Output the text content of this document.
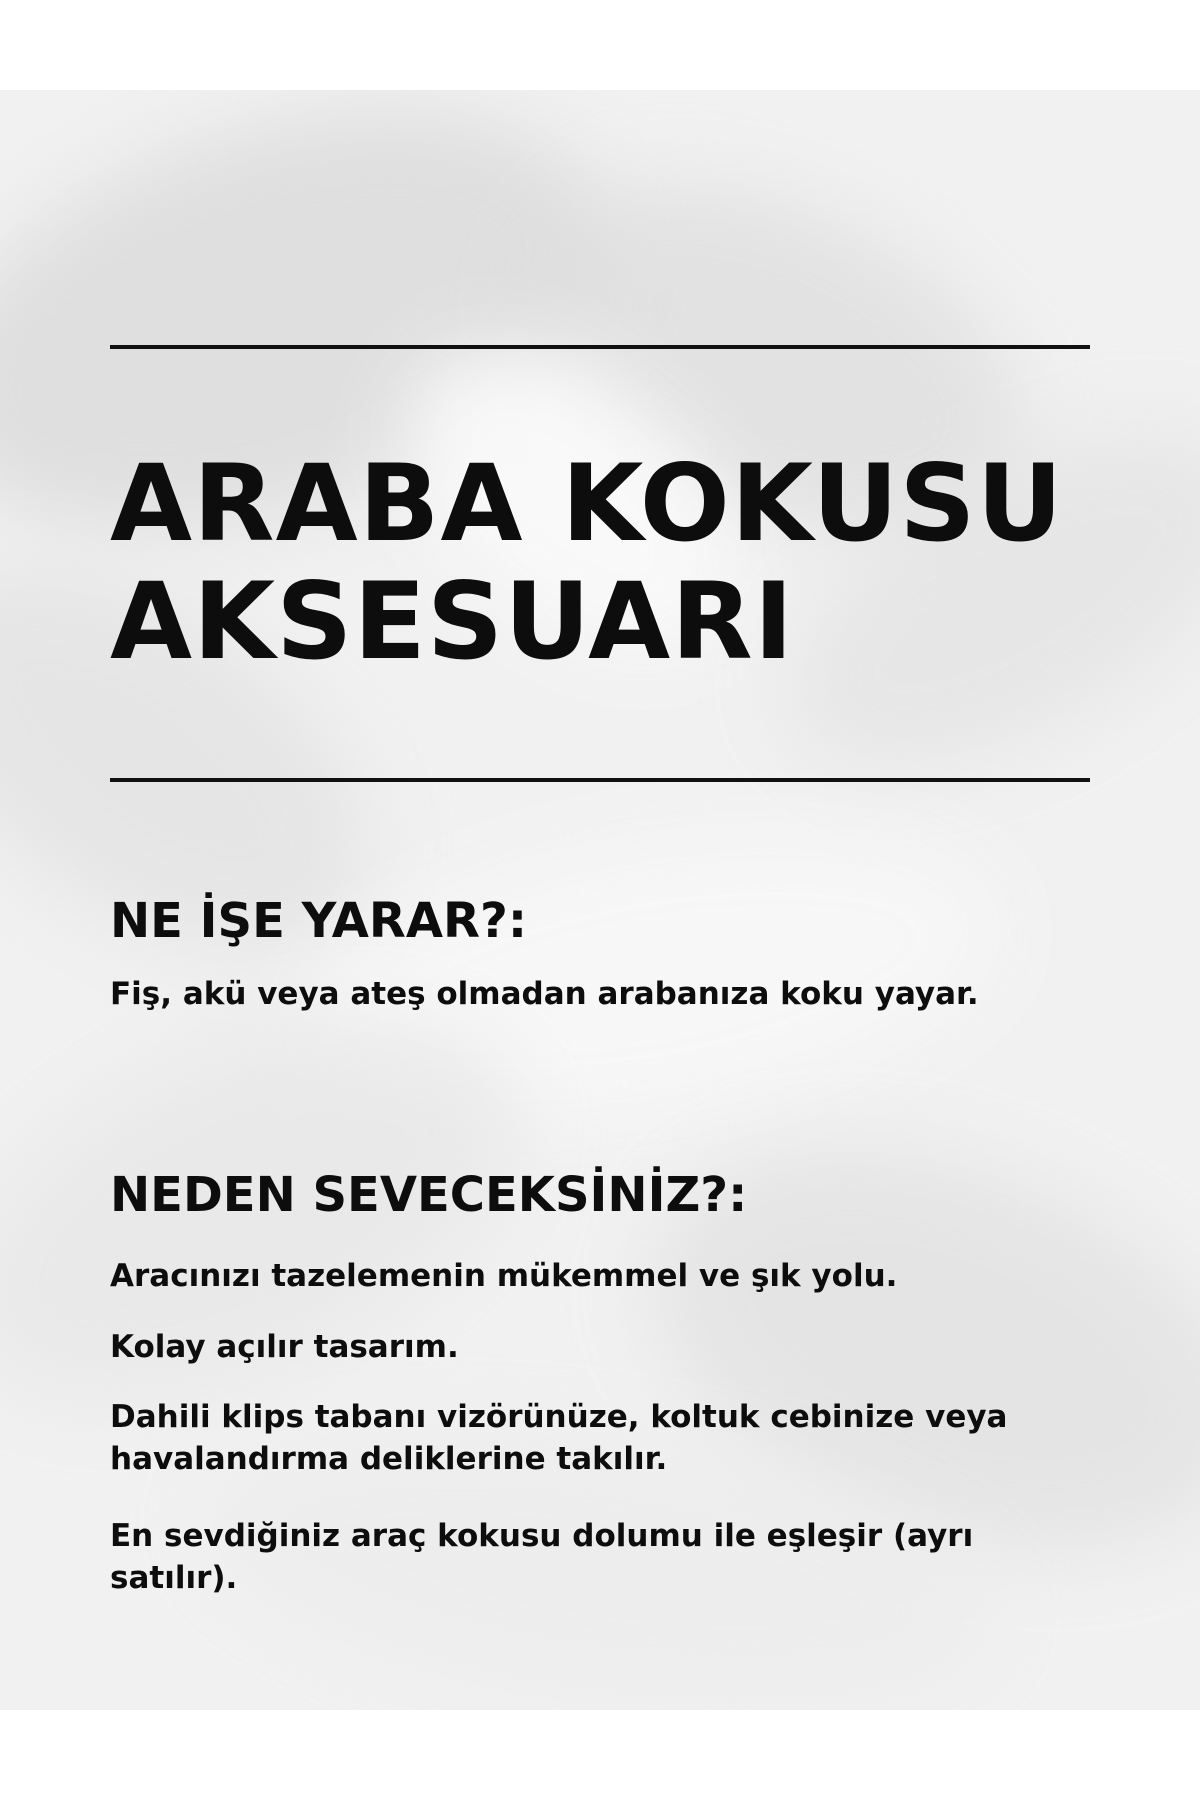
ARABA KOKUSU
AKSESUARI
NE İŞE YARAR?:

Fiş, akü veya ateş olmadan arabanıza koku yayar.

NEDEN SEVECEKSİNİZ?:

Aracınızı tazelemenin mükemmel ve şık yolu.

Kolay açılır tasarım.

Dahili klips tabanı vizörünüze, koltuk cebinize veya havalandırma deliklerine takılır.

En sevdiğiniz araç kokusu dolumu ile eşleşir (ayrı satılır).
